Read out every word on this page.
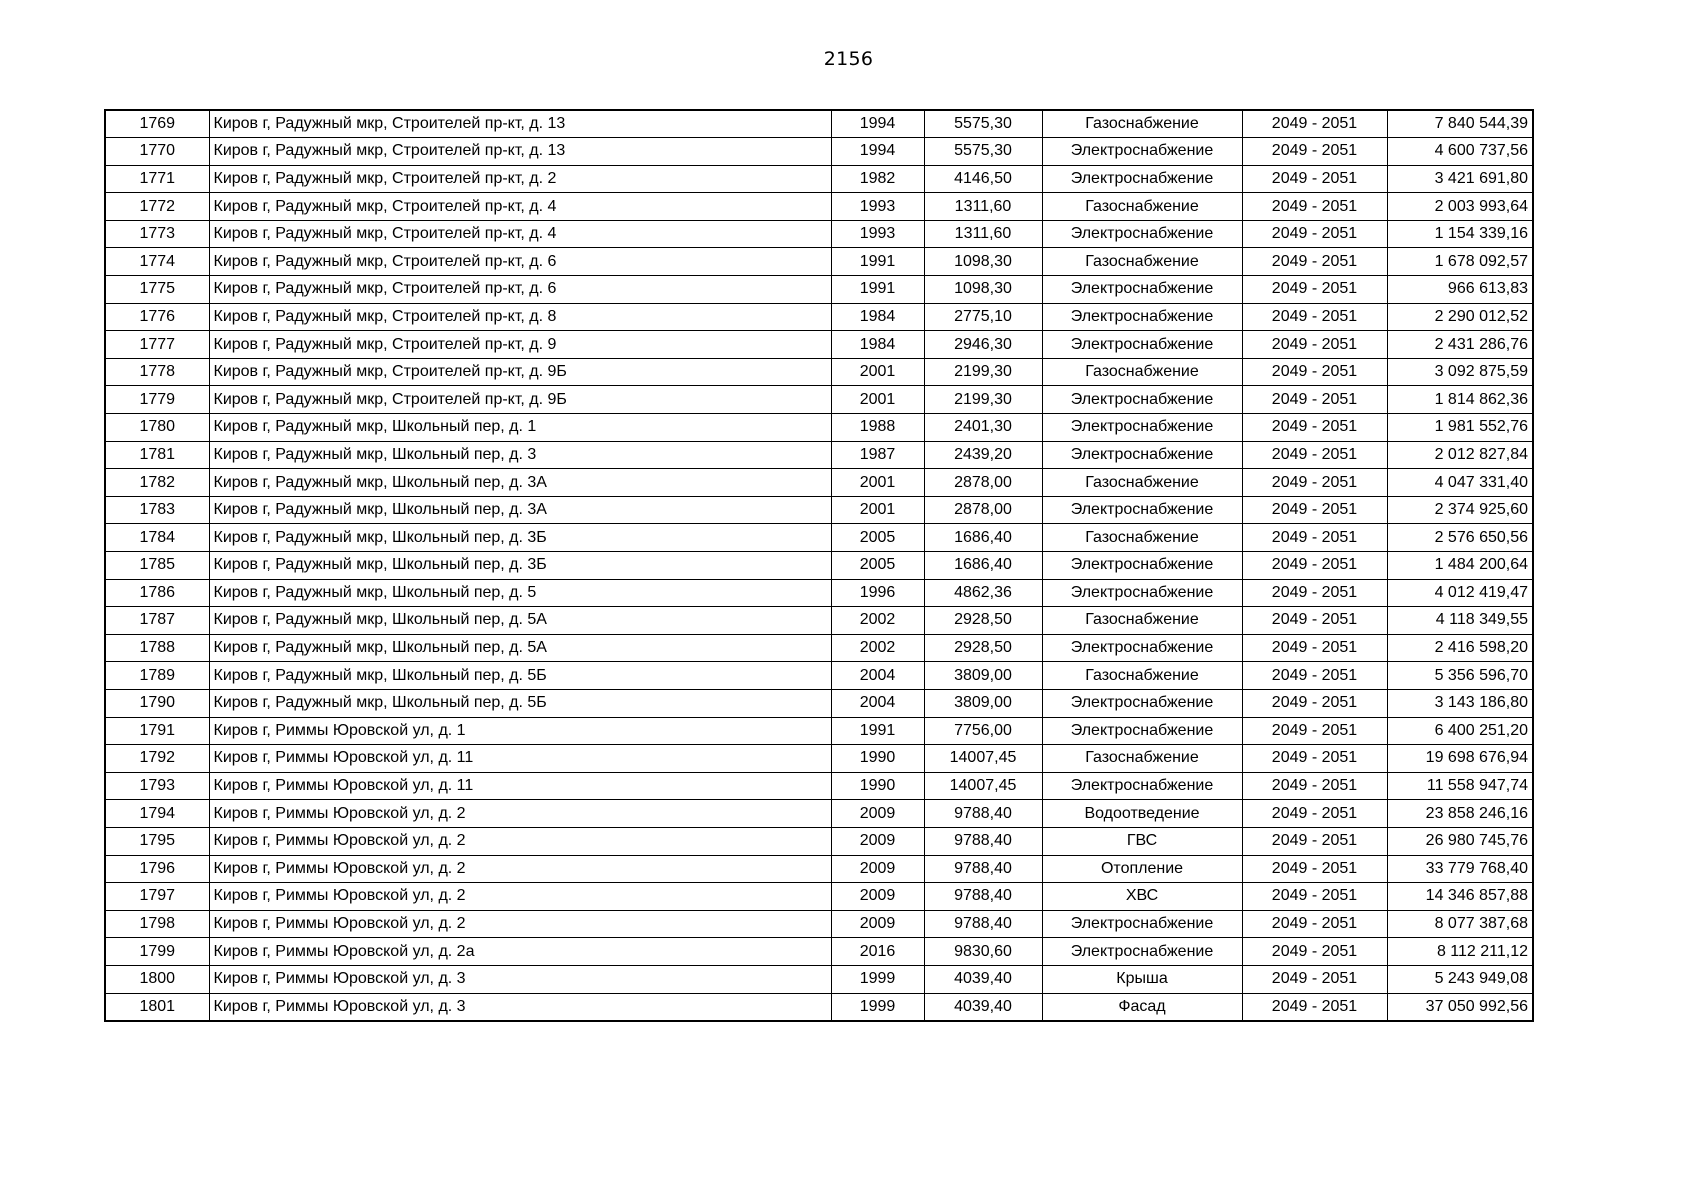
2156
1769	Киров г, Радужный мкр, Строителей пр-кт, д. 13	1994	5575,30	Газоснабжение	2049 - 2051	7 840 544,39
1770	Киров г, Радужный мкр, Строителей пр-кт, д. 13	1994	5575,30	Электроснабжение	2049 - 2051	4 600 737,56
1771	Киров г, Радужный мкр, Строителей пр-кт, д. 2	1982	4146,50	Электроснабжение	2049 - 2051	3 421 691,80
1772	Киров г, Радужный мкр, Строителей пр-кт, д. 4	1993	1311,60	Газоснабжение	2049 - 2051	2 003 993,64
1773	Киров г, Радужный мкр, Строителей пр-кт, д. 4	1993	1311,60	Электроснабжение	2049 - 2051	1 154 339,16
1774	Киров г, Радужный мкр, Строителей пр-кт, д. 6	1991	1098,30	Газоснабжение	2049 - 2051	1 678 092,57
1775	Киров г, Радужный мкр, Строителей пр-кт, д. 6	1991	1098,30	Электроснабжение	2049 - 2051	966 613,83
1776	Киров г, Радужный мкр, Строителей пр-кт, д. 8	1984	2775,10	Электроснабжение	2049 - 2051	2 290 012,52
1777	Киров г, Радужный мкр, Строителей пр-кт, д. 9	1984	2946,30	Электроснабжение	2049 - 2051	2 431 286,76
1778	Киров г, Радужный мкр, Строителей пр-кт, д. 9Б	2001	2199,30	Газоснабжение	2049 - 2051	3 092 875,59
1779	Киров г, Радужный мкр, Строителей пр-кт, д. 9Б	2001	2199,30	Электроснабжение	2049 - 2051	1 814 862,36
1780	Киров г, Радужный мкр, Школьный пер, д. 1	1988	2401,30	Электроснабжение	2049 - 2051	1 981 552,76
1781	Киров г, Радужный мкр, Школьный пер, д. 3	1987	2439,20	Электроснабжение	2049 - 2051	2 012 827,84
1782	Киров г, Радужный мкр, Школьный пер, д. 3А	2001	2878,00	Газоснабжение	2049 - 2051	4 047 331,40
1783	Киров г, Радужный мкр, Школьный пер, д. 3А	2001	2878,00	Электроснабжение	2049 - 2051	2 374 925,60
1784	Киров г, Радужный мкр, Школьный пер, д. 3Б	2005	1686,40	Газоснабжение	2049 - 2051	2 576 650,56
1785	Киров г, Радужный мкр, Школьный пер, д. 3Б	2005	1686,40	Электроснабжение	2049 - 2051	1 484 200,64
1786	Киров г, Радужный мкр, Школьный пер, д. 5	1996	4862,36	Электроснабжение	2049 - 2051	4 012 419,47
1787	Киров г, Радужный мкр, Школьный пер, д. 5А	2002	2928,50	Газоснабжение	2049 - 2051	4 118 349,55
1788	Киров г, Радужный мкр, Школьный пер, д. 5А	2002	2928,50	Электроснабжение	2049 - 2051	2 416 598,20
1789	Киров г, Радужный мкр, Школьный пер, д. 5Б	2004	3809,00	Газоснабжение	2049 - 2051	5 356 596,70
1790	Киров г, Радужный мкр, Школьный пер, д. 5Б	2004	3809,00	Электроснабжение	2049 - 2051	3 143 186,80
1791	Киров г, Риммы Юровской ул, д. 1	1991	7756,00	Электроснабжение	2049 - 2051	6 400 251,20
1792	Киров г, Риммы Юровской ул, д. 11	1990	14007,45	Газоснабжение	2049 - 2051	19 698 676,94
1793	Киров г, Риммы Юровской ул, д. 11	1990	14007,45	Электроснабжение	2049 - 2051	11 558 947,74
1794	Киров г, Риммы Юровской ул, д. 2	2009	9788,40	Водоотведение	2049 - 2051	23 858 246,16
1795	Киров г, Риммы Юровской ул, д. 2	2009	9788,40	ГВС	2049 - 2051	26 980 745,76
1796	Киров г, Риммы Юровской ул, д. 2	2009	9788,40	Отопление	2049 - 2051	33 779 768,40
1797	Киров г, Риммы Юровской ул, д. 2	2009	9788,40	ХВС	2049 - 2051	14 346 857,88
1798	Киров г, Риммы Юровской ул, д. 2	2009	9788,40	Электроснабжение	2049 - 2051	8 077 387,68
1799	Киров г, Риммы Юровской ул, д. 2а	2016	9830,60	Электроснабжение	2049 - 2051	8 112 211,12
1800	Киров г, Риммы Юровской ул, д. 3	1999	4039,40	Крыша	2049 - 2051	5 243 949,08
1801	Киров г, Риммы Юровской ул, д. 3	1999	4039,40	Фасад	2049 - 2051	37 050 992,56
